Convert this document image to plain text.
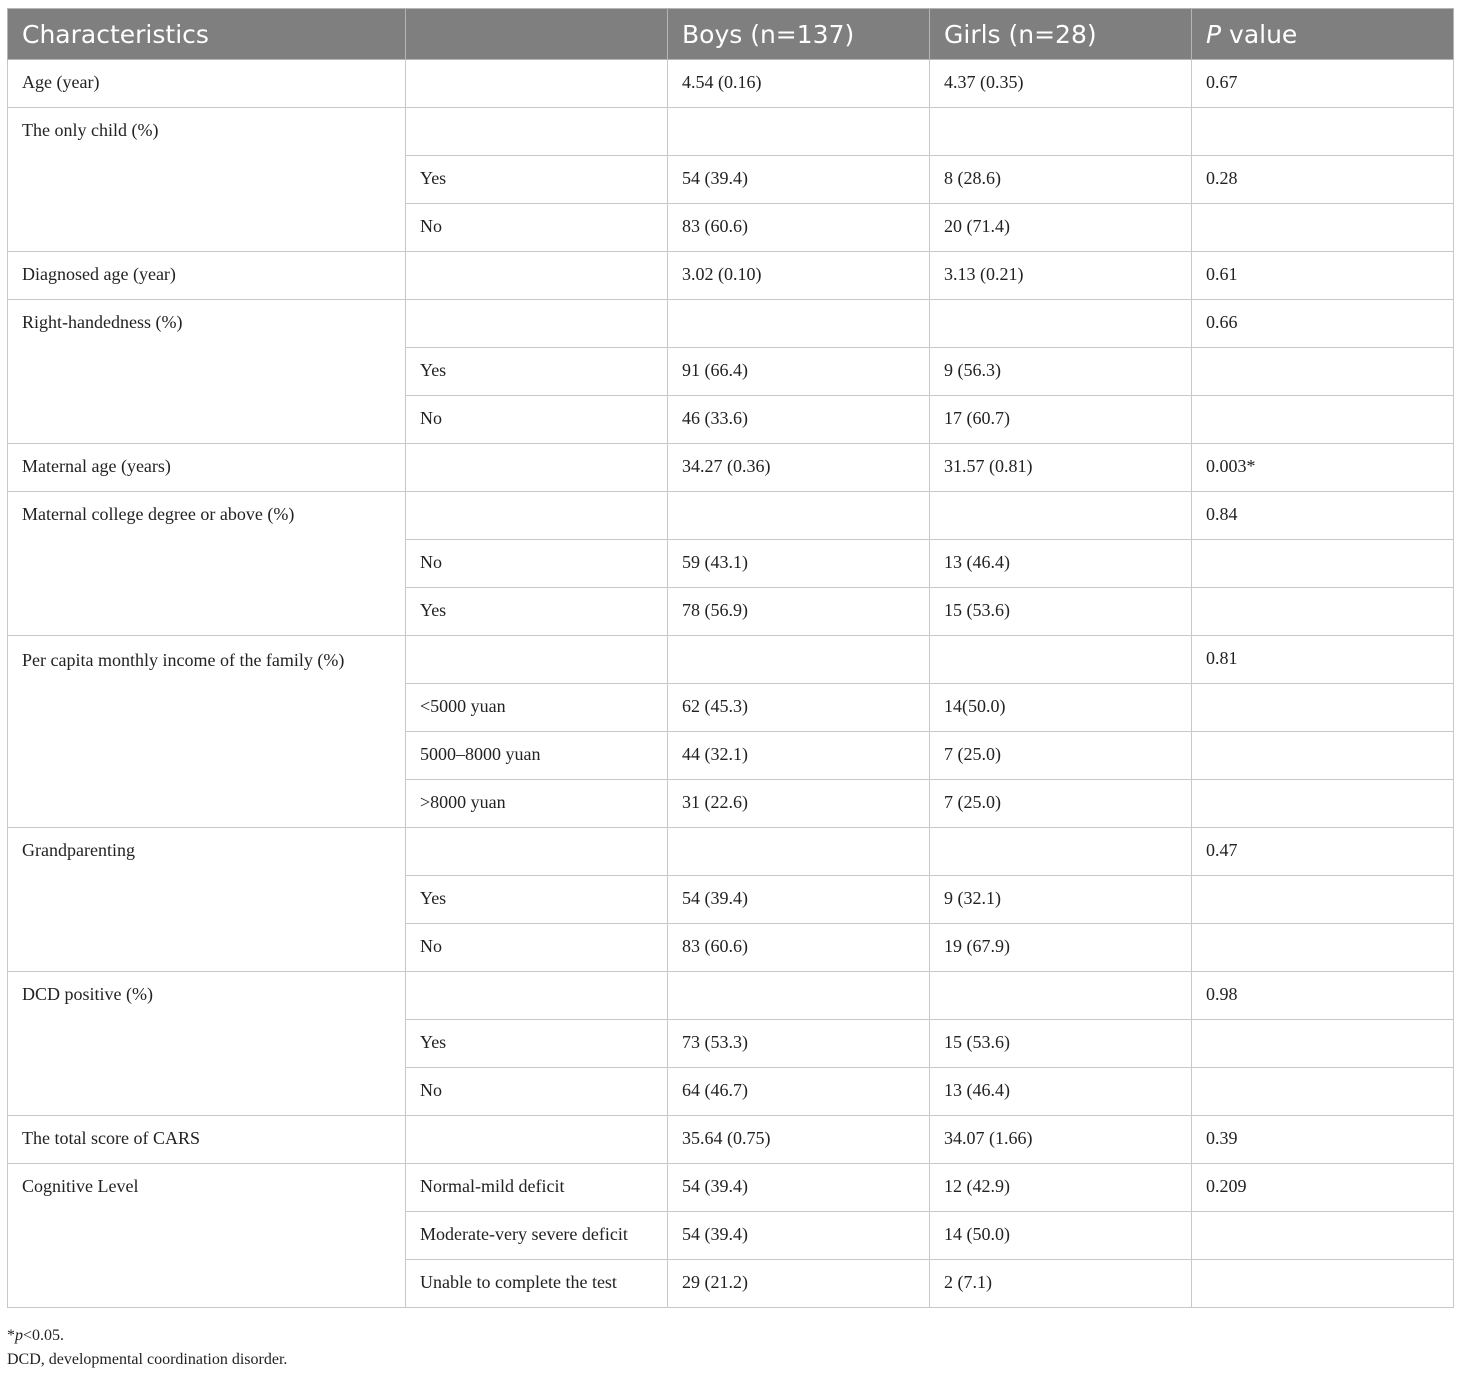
Characteristics		Boys (n=137)	Girls (n=28)	P value
Age (year)		4.54 (0.16)	4.37 (0.35)	0.67
The only child (%)				
	Yes	54 (39.4)	8 (28.6)	0.28
	No	83 (60.6)	20 (71.4)	
Diagnosed age (year)		3.02 (0.10)	3.13 (0.21)	0.61
Right-handedness (%)				0.66
	Yes	91 (66.4)	9 (56.3)	
	No	46 (33.6)	17 (60.7)	
Maternal age (years)		34.27 (0.36)	31.57 (0.81)	0.003*
Maternal college degree or above (%)				0.84
	No	59 (43.1)	13 (46.4)	
	Yes	78 (56.9)	15 (53.6)	
Per capita monthly income of the family (%)				0.81
	<5000 yuan	62 (45.3)	14(50.0)	
	5000–8000 yuan	44 (32.1)	7 (25.0)	
	>8000 yuan	31 (22.6)	7 (25.0)	
Grandparenting				0.47
	Yes	54 (39.4)	9 (32.1)	
	No	83 (60.6)	19 (67.9)	
DCD positive (%)				0.98
	Yes	73 (53.3)	15 (53.6)	
	No	64 (46.7)	13 (46.4)	
The total score of CARS		35.64 (0.75)	34.07 (1.66)	0.39
Cognitive Level	Normal-mild deficit	54 (39.4)	12 (42.9)	0.209
	Moderate-very severe deficit	54 (39.4)	14 (50.0)	
	Unable to complete the test	29 (21.2)	2 (7.1)	
*p<0.05.
DCD, developmental coordination disorder.
